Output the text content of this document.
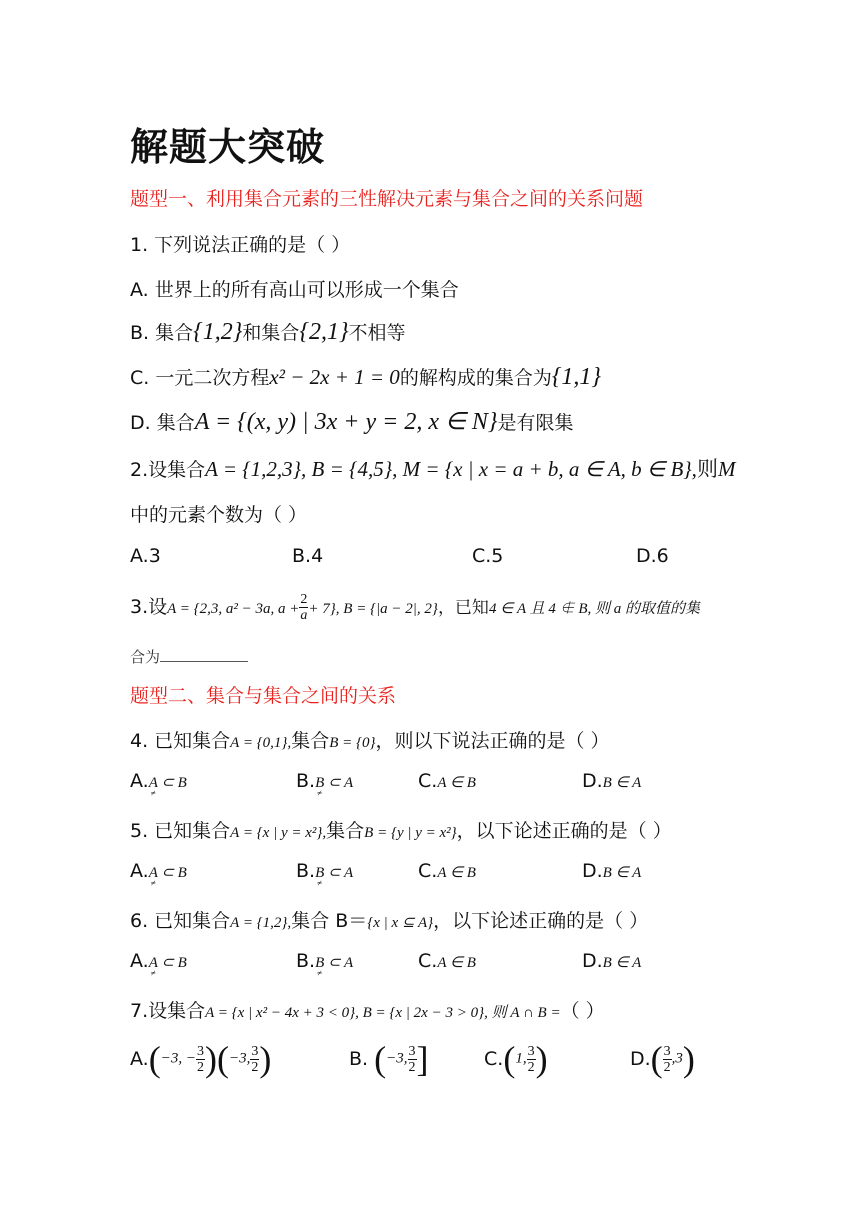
解题大突破
题型一、利用集合元素的三性解决元素与集合之间的关系问题
1. 下列说法正确的是（ ）
A. 世界上的所有高山可以形成一个集合
B. 集合{1,2}和集合{2,1}不相等
C. 一元二次方程x² − 2x + 1 = 0的解构成的集合为{1,1}
D. 集合A = {(x, y) | 3x + y = 2, x ∈ N}是有限集
2.设集合A = {1,2,3}, B = {4,5}, M = {x | x = a + b, a ∈ A, b ∈ B},则M
中的元素个数为（ ）
A.3	B.4	C.5	D.6
3.设A = {2,3, a² − 3a, $a + \frac{2}{a} + 7$}, B = {|a − 2|, 2}，已知4 ∈ A 且 4 ∉ B, 则 a 的取值的集
合为
题型二、集合与集合之间的关系
4. 已知集合A = {0,1},集合B = {0}，则以下说法正确的是（ ）
A.A ⊂ B ≠	B.B ⊂ A ≠	C.A ∈ B	D.B ∈ A
5. 已知集合A = {x | y = x²},集合B = {y | y = x²}，以下论述正确的是（ ）
A.A ⊂ B ≠	B.B ⊂ A ≠	C.A ∈ B	D.B ∈ A
6. 已知集合A = {1,2},集合 B＝{x | x ⊆ A}，以下论述正确的是（ ）
A.A ⊂ B ≠	B.B ⊂ A ≠	C.A ∈ B	D.B ∈ A
7.设集合A = {x | x² − 4x + 3 < 0}, B = {x | 2x − 3 > 0}, 则 A ∩ B =（ ）
A.(−3, − $\frac{3}{2} )(-3$, $\frac{3}{2}$ )	B. (−3, $\frac{3}{2}$ ]	C.(1, $\frac{3}{2}$ )	$D.( \frac{3}{2} ,3)$
